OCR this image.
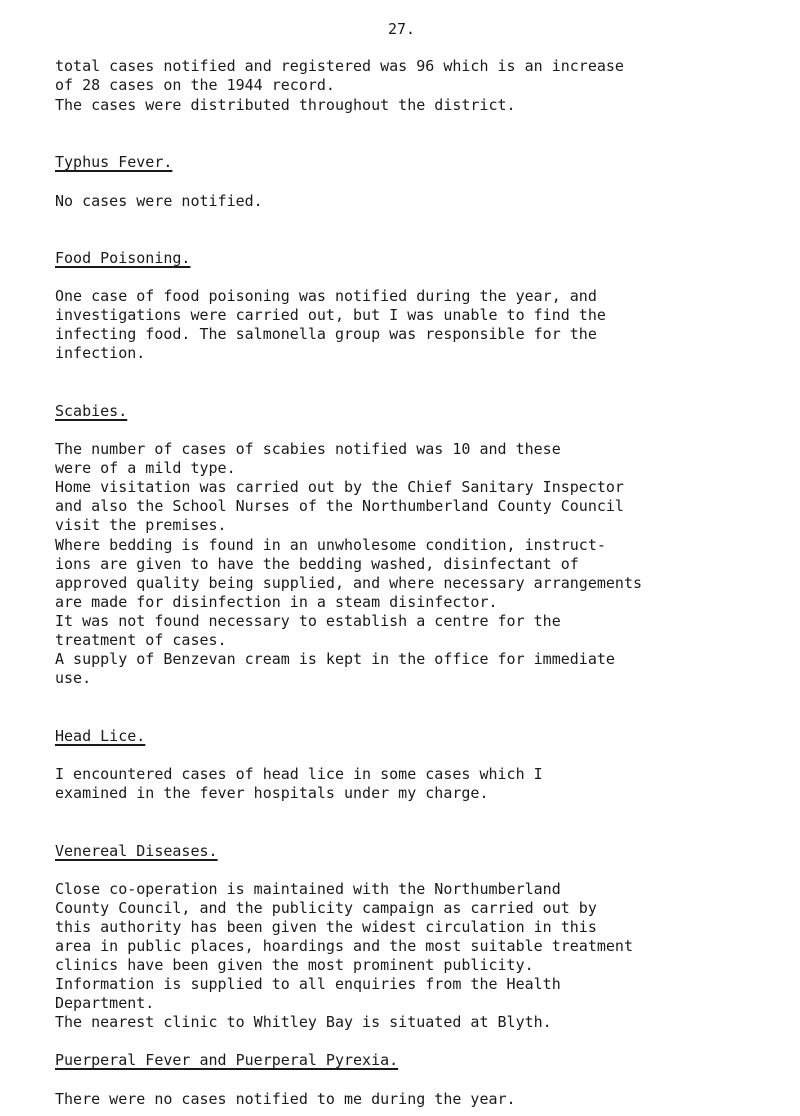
27.
total cases notified and registered was 96 which is an increase
of 28 cases on the 1944 record.
The cases were distributed throughout the district.
Typhus Fever.
No cases were notified.
Food Poisoning.
One case of food poisoning was notified during the year, and
investigations were carried out, but I was unable to find the
infecting food. The salmonella group was responsible for the
infection.
Scabies.
The number of cases of scabies notified was 10 and these
were of a mild type.
Home visitation was carried out by the Chief Sanitary Inspector
and also the School Nurses of the Northumberland County Council
visit the premises.
Where bedding is found in an unwholesome condition, instruct-
ions are given to have the bedding washed, disinfectant of
approved quality being supplied, and where necessary arrangements
are made for disinfection in a steam disinfector.
It was not found necessary to establish a centre for the
treatment of cases.
A supply of Benzevan cream is kept in the office for immediate
use.
Head Lice.
I encountered cases of head lice in some cases which I
examined in the fever hospitals under my charge.
Venereal Diseases.
Close co-operation is maintained with the Northumberland
County Council, and the publicity campaign as carried out by
this authority has been given the widest circulation in this
area in public places, hoardings and the most suitable treatment
clinics have been given the most prominent publicity.
Information is supplied to all enquiries from the Health
Department.
The nearest clinic to Whitley Bay is situated at Blyth.
Puerperal Fever and Puerperal Pyrexia.
There were no cases notified to me during the year.
